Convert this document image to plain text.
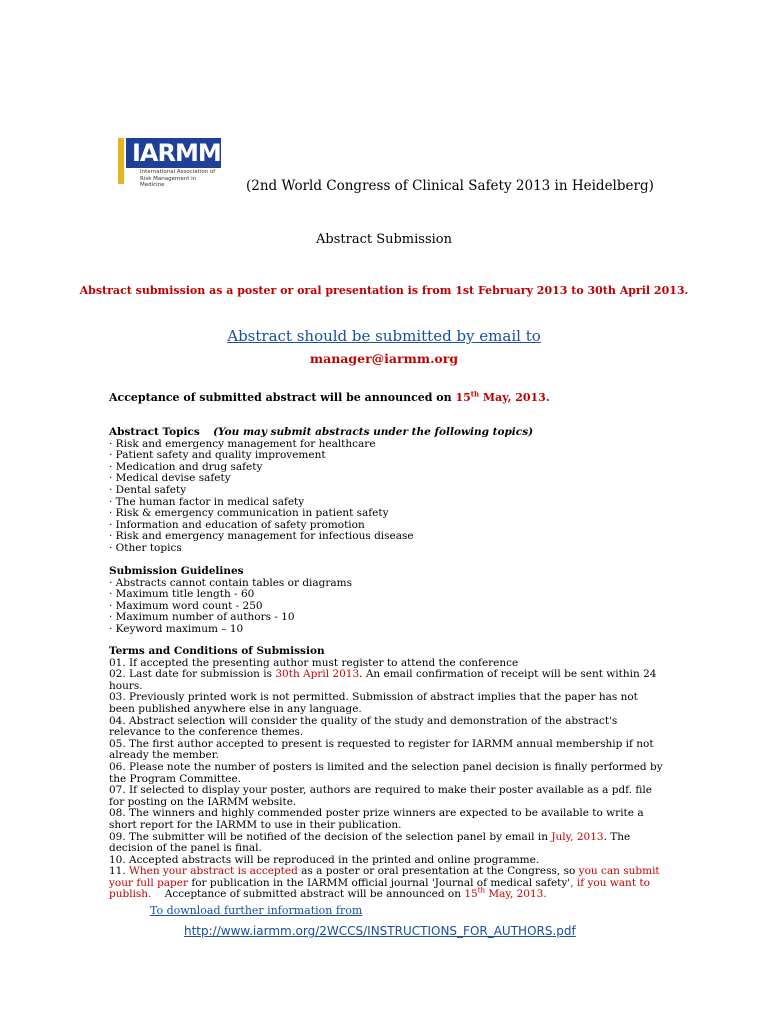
IARMM
International Association of
Risk Management in Medicine	(2nd World Congress of Clinical Safety 2013 in Heidelberg)
Abstract Submission
Abstract submission as a poster or oral presentation is from 1st February 2013 to 30th April 2013.
Abstract should be submitted by email to
manager@iarmm.org
Acceptance of submitted abstract will be announced on 15th May, 2013.
Abstract Topics (You may submit abstracts under the following topics)
· Risk and emergency management for healthcare
· Patient safety and quality improvement
· Medication and drug safety
· Medical devise safety
· Dental safety
· The human factor in medical safety
· Risk & emergency communication in patient safety
· Information and education of safety promotion
· Risk and emergency management for infectious disease
· Other topics
Submission Guidelines
· Abstracts cannot contain tables or diagrams
· Maximum title length - 60
· Maximum word count - 250
· Maximum number of authors - 10
· Keyword maximum – 10
Terms and Conditions of Submission
01. If accepted the presenting author must register to attend the conference
02. Last date for submission is 30th April 2013. An email confirmation of receipt will be sent within 24
hours.
03. Previously printed work is not permitted. Submission of abstract implies that the paper has not
been published anywhere else in any language.
04. Abstract selection will consider the quality of the study and demonstration of the abstract's
relevance to the conference themes.
05. The first author accepted to present is requested to register for IARMM annual membership if not
already the member.
06. Please note the number of posters is limited and the selection panel decision is finally performed by
the Program Committee.
07. If selected to display your poster, authors are required to make their poster available as a pdf. file
for posting on the IARMM website.
08. The winners and highly commended poster prize winners are expected to be available to write a
short report for the IARMM to use in their publication.
09. The submitter will be notified of the decision of the selection panel by email in July, 2013. The
decision of the panel is final.
10. Accepted abstracts will be reproduced in the printed and online programme.
11. When your abstract is accepted as a poster or oral presentation at the Congress, so you can submit
your full paper for publication in the IARMM official journal 'Journal of medical safety', if you want to
publish.    Acceptance of submitted abstract will be announced on 15th May, 2013.
To download further information from
http://www.iarmm.org/2WCCS/INSTRUCTIONS_FOR_AUTHORS.pdf
